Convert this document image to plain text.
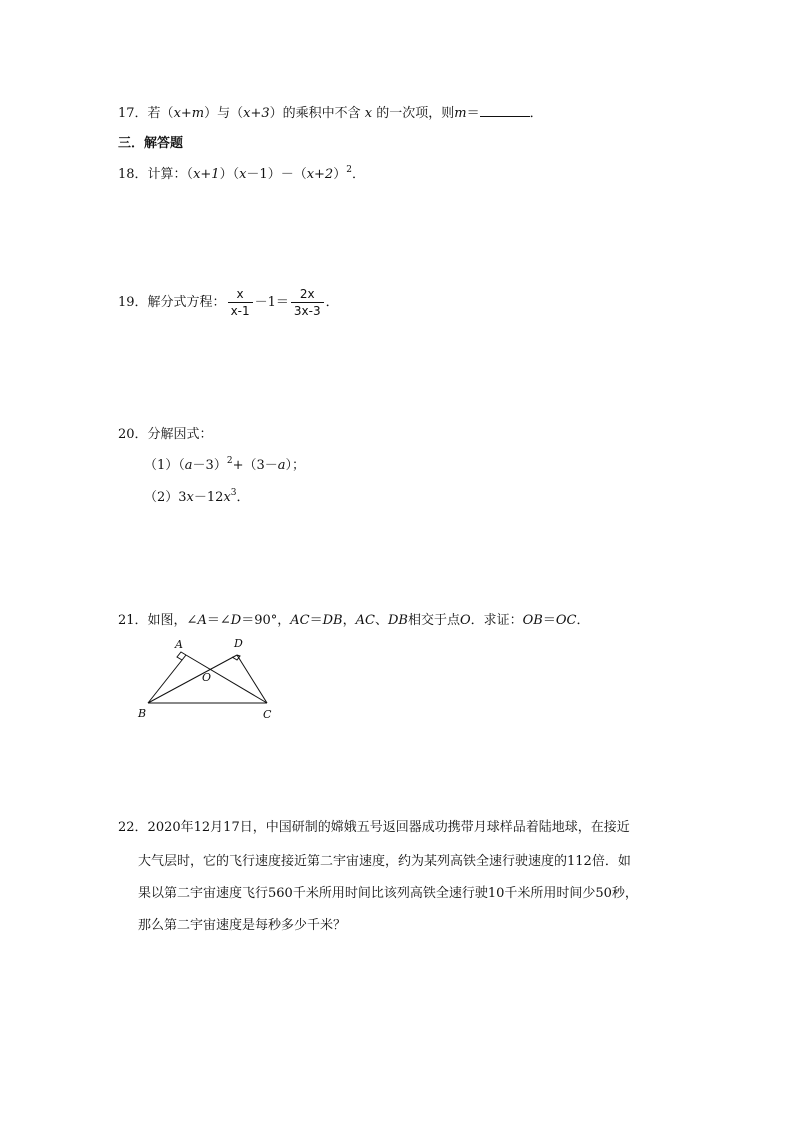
17．若（x+m）与（x+3）的乘积中不含 x 的一次项，则m＝	．
三．解答题
18．计算：$(x+1)(x-1)-(x+2)^2$．
19．解分式方程： $\frac{x}{x-1} -1= \frac{2x}{3x-3}$ ．
20．分解因式：
$(1)(a-3)^2+(3-a)$；
$(2)3x-12x^3$．
21．如图，∠A＝∠D＝90°，AC＝DB，AC、DB相交于点O．求证：OB＝OC．
A	D
O
B	C
22．2020年12月17日，中国研制的嫦娥五号返回器成功携带月球样品着陆地球，在接近
大气层时，它的飞行速度接近第二宇宙速度，约为某列高铁全速行驶速度的112倍．如
果以第二宇宙速度飞行560千米所用时间比该列高铁全速行驶10千米所用时间少50秒，
那么第二宇宙速度是每秒多少千米？
